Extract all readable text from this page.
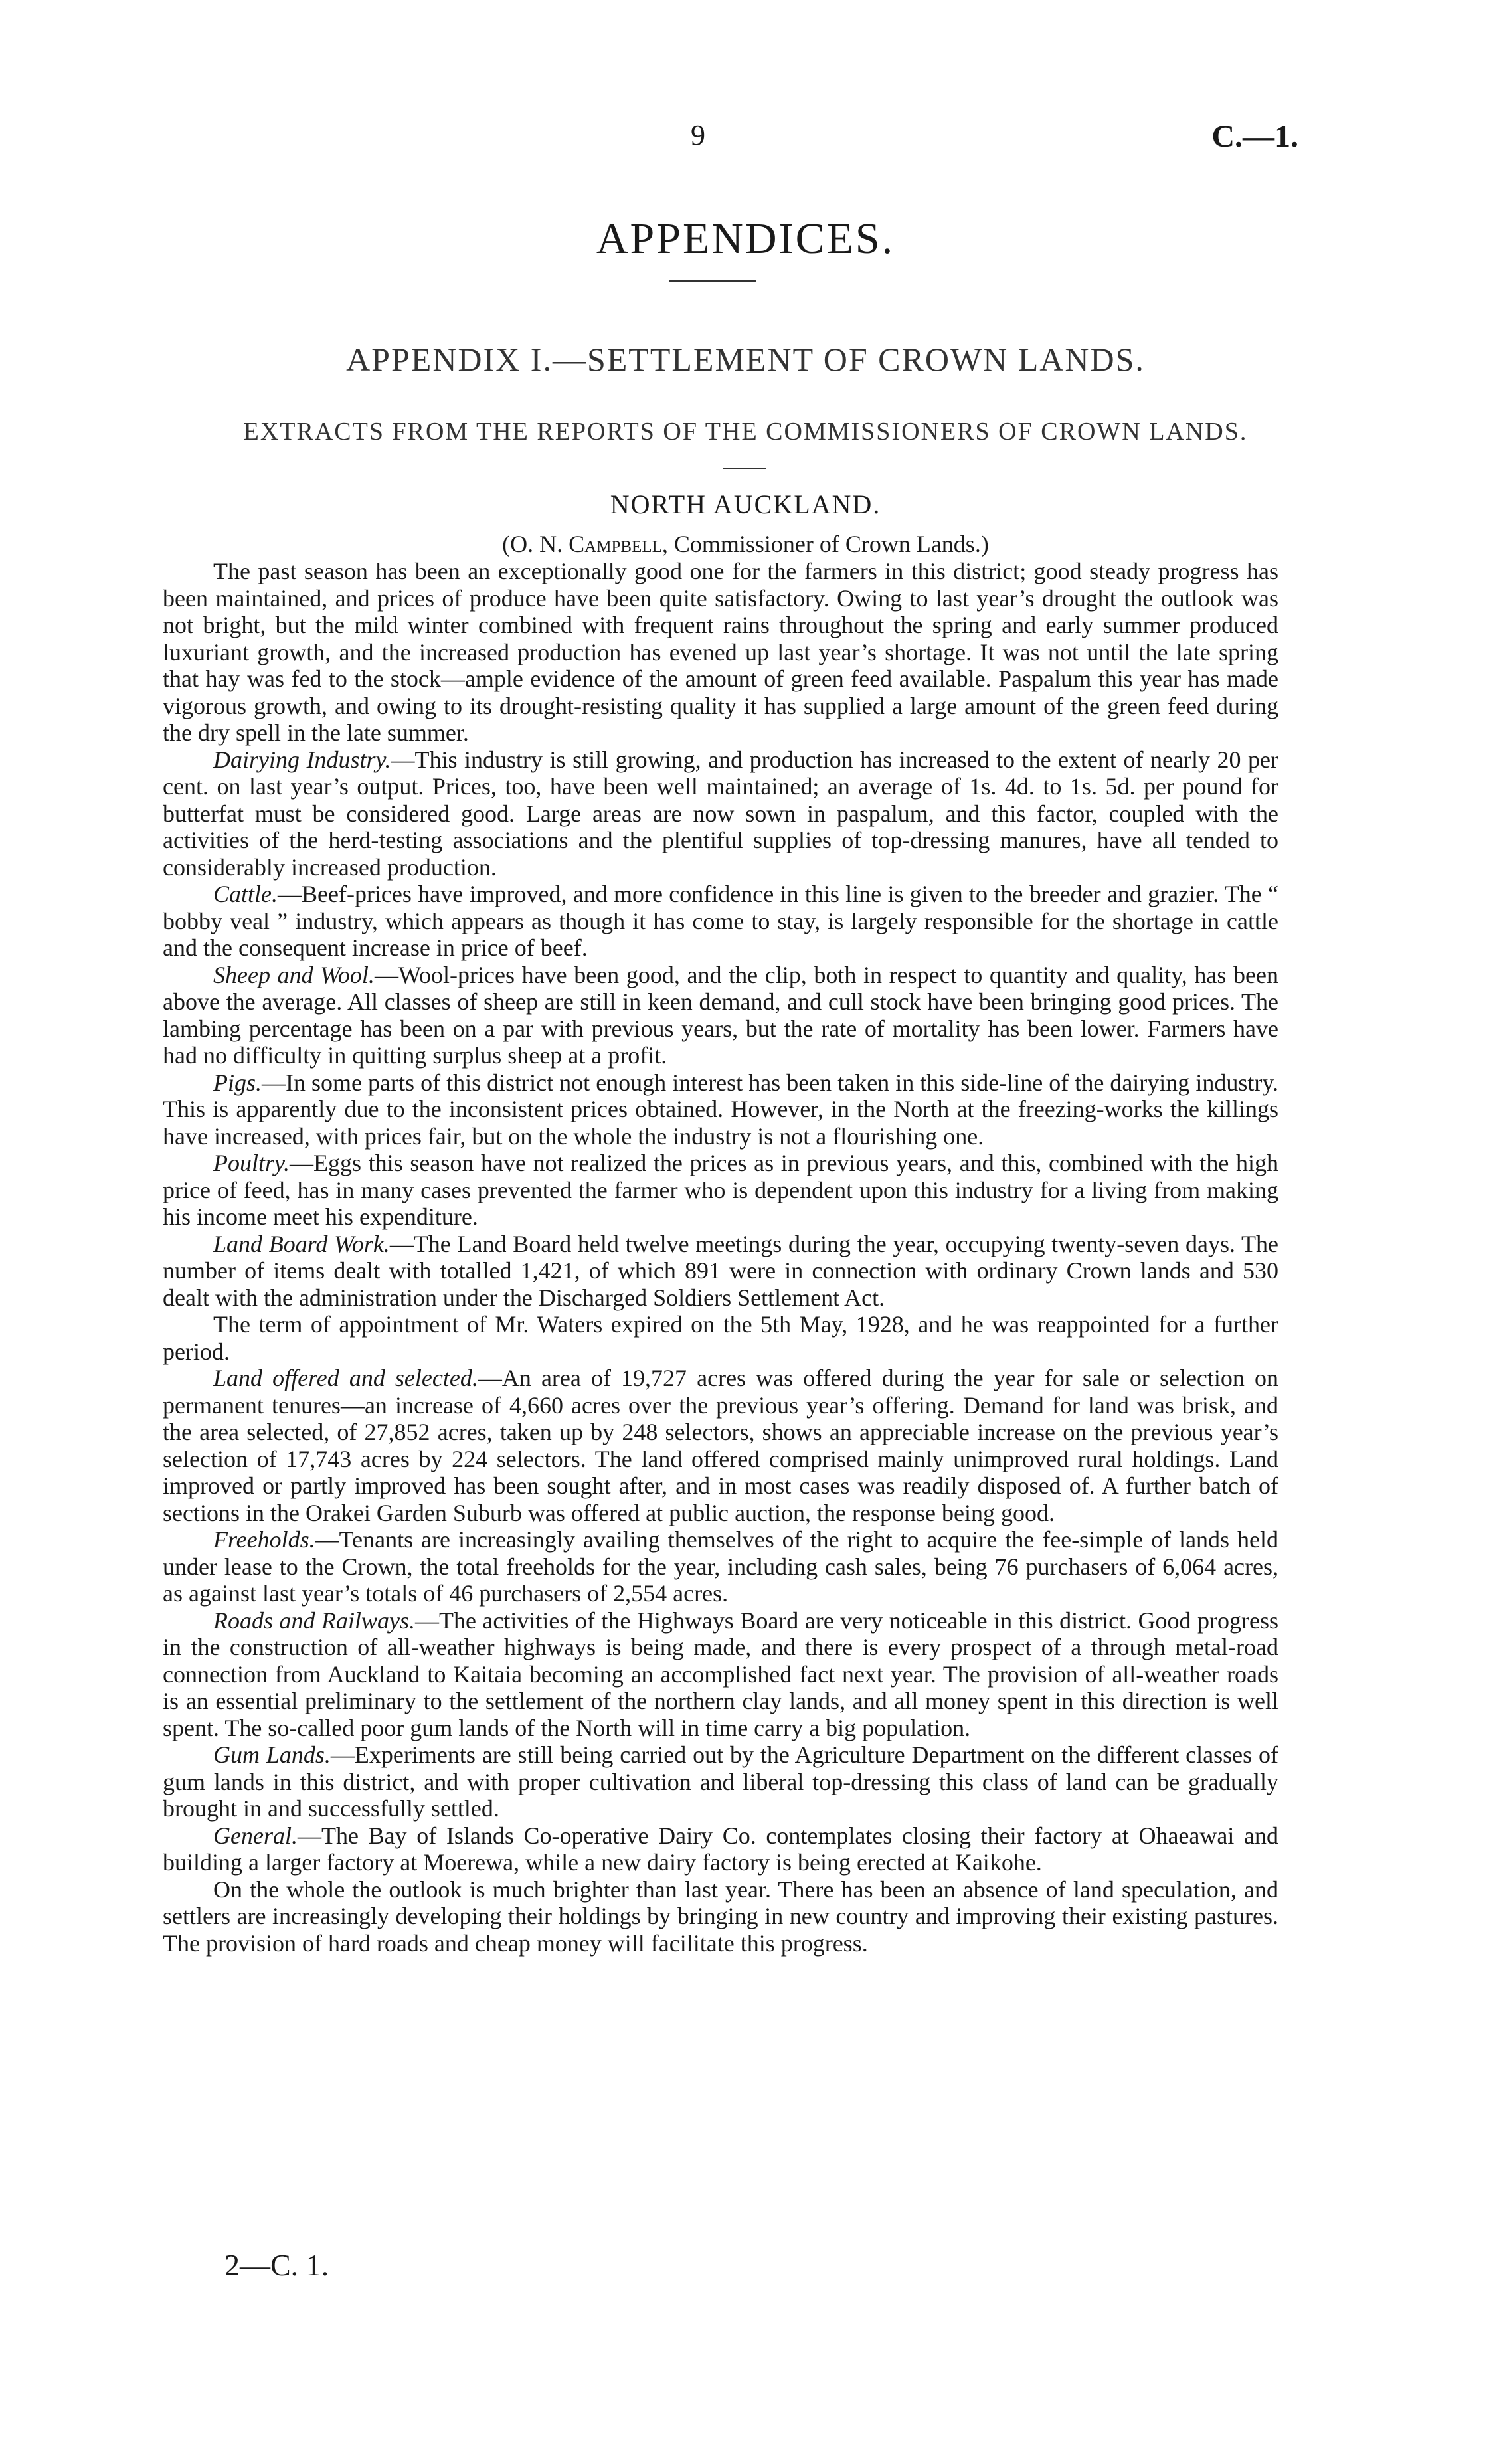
9	C.—1.
APPENDICES.
APPENDIX I.—SETTLEMENT OF CROWN LANDS.
EXTRACTS FROM THE REPORTS OF THE COMMISSIONERS OF CROWN LANDS.
NORTH AUCKLAND.
(O. N. Campbell, Commissioner of Crown Lands.)

The past season has been an exceptionally good one for the farmers in this district; good steady progress has been maintained, and prices of produce have been quite satisfactory. Owing to last year’s drought the outlook was not bright, but the mild winter combined with frequent rains throughout the spring and early summer produced luxuriant growth, and the increased production has evened up last year’s shortage. It was not until the late spring that hay was fed to the stock—ample evidence of the amount of green feed available. Paspalum this year has made vigorous growth, and owing to its drought-resisting quality it has supplied a large amount of the green feed during the dry spell in the late summer.

Dairying Industry.—This industry is still growing, and production has increased to the extent of nearly 20 per cent. on last year’s output. Prices, too, have been well maintained; an average of 1s. 4d. to 1s. 5d. per pound for butterfat must be considered good. Large areas are now sown in paspalum, and this factor, coupled with the activities of the herd-testing associations and the plentiful supplies of top-dressing manures, have all tended to considerably increased production.

Cattle.—Beef-prices have improved, and more confidence in this line is given to the breeder and grazier. The “ bobby veal ” industry, which appears as though it has come to stay, is largely responsible for the shortage in cattle and the consequent increase in price of beef.

Sheep and Wool.—Wool-prices have been good, and the clip, both in respect to quantity and quality, has been above the average. All classes of sheep are still in keen demand, and cull stock have been bringing good prices. The lambing percentage has been on a par with previous years, but the rate of mortality has been lower. Farmers have had no difficulty in quitting surplus sheep at a profit.

Pigs.—In some parts of this district not enough interest has been taken in this side-line of the dairying industry. This is apparently due to the inconsistent prices obtained. However, in the North at the freezing-works the killings have increased, with prices fair, but on the whole the industry is not a flourishing one.

Poultry.—Eggs this season have not realized the prices as in previous years, and this, combined with the high price of feed, has in many cases prevented the farmer who is dependent upon this industry for a living from making his income meet his expenditure.

Land Board Work.—The Land Board held twelve meetings during the year, occupying twenty-seven days. The number of items dealt with totalled 1,421, of which 891 were in connection with ordinary Crown lands and 530 dealt with the administration under the Discharged Soldiers Settlement Act.

The term of appointment of Mr. Waters expired on the 5th May, 1928, and he was reappointed for a further period.

Land offered and selected.—An area of 19,727 acres was offered during the year for sale or selection on permanent tenures—an increase of 4,660 acres over the previous year’s offering. Demand for land was brisk, and the area selected, of 27,852 acres, taken up by 248 selectors, shows an appreciable increase on the previous year’s selection of 17,743 acres by 224 selectors. The land offered comprised mainly unimproved rural holdings. Land improved or partly improved has been sought after, and in most cases was readily disposed of. A further batch of sections in the Orakei Garden Suburb was offered at public auction, the response being good.

Freeholds.—Tenants are increasingly availing themselves of the right to acquire the fee-simple of lands held under lease to the Crown, the total freeholds for the year, including cash sales, being 76 purchasers of 6,064 acres, as against last year’s totals of 46 purchasers of 2,554 acres.

Roads and Railways.—The activities of the Highways Board are very noticeable in this district. Good progress in the construction of all-weather highways is being made, and there is every prospect of a through metal-road connection from Auckland to Kaitaia becoming an accomplished fact next year. The provision of all-weather roads is an essential preliminary to the settlement of the northern clay lands, and all money spent in this direction is well spent. The so-called poor gum lands of the North will in time carry a big population.

Gum Lands.—Experiments are still being carried out by the Agriculture Department on the different classes of gum lands in this district, and with proper cultivation and liberal top-dressing this class of land can be gradually brought in and successfully settled.

General.—The Bay of Islands Co-operative Dairy Co. contemplates closing their factory at Ohaeawai and building a larger factory at Moerewa, while a new dairy factory is being erected at Kaikohe.

On the whole the outlook is much brighter than last year. There has been an absence of land speculation, and settlers are increasingly developing their holdings by bringing in new country and improving their existing pastures. The provision of hard roads and cheap money will facilitate this progress.

2—C. 1.
